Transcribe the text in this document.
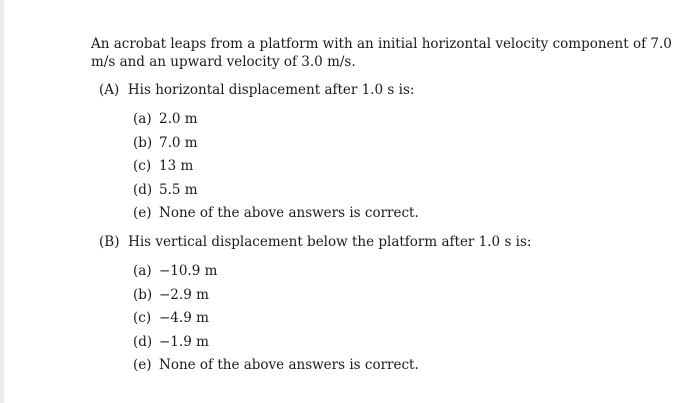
An acrobat leaps from a platform with an initial horizontal velocity component of 7.0 m/s and an upward velocity of 3.0 m/s.

(A) His horizontal displacement after 1.0 s is:

(a) 2.0 m
(b) 7.0 m
(c) 13 m
(d) 5.5 m
(e) None of the above answers is correct.

(B) His vertical displacement below the platform after 1.0 s is:

(a) −10.9 m
(b) −2.9 m
(c) −4.9 m
(d) −1.9 m
(e) None of the above answers is correct.
